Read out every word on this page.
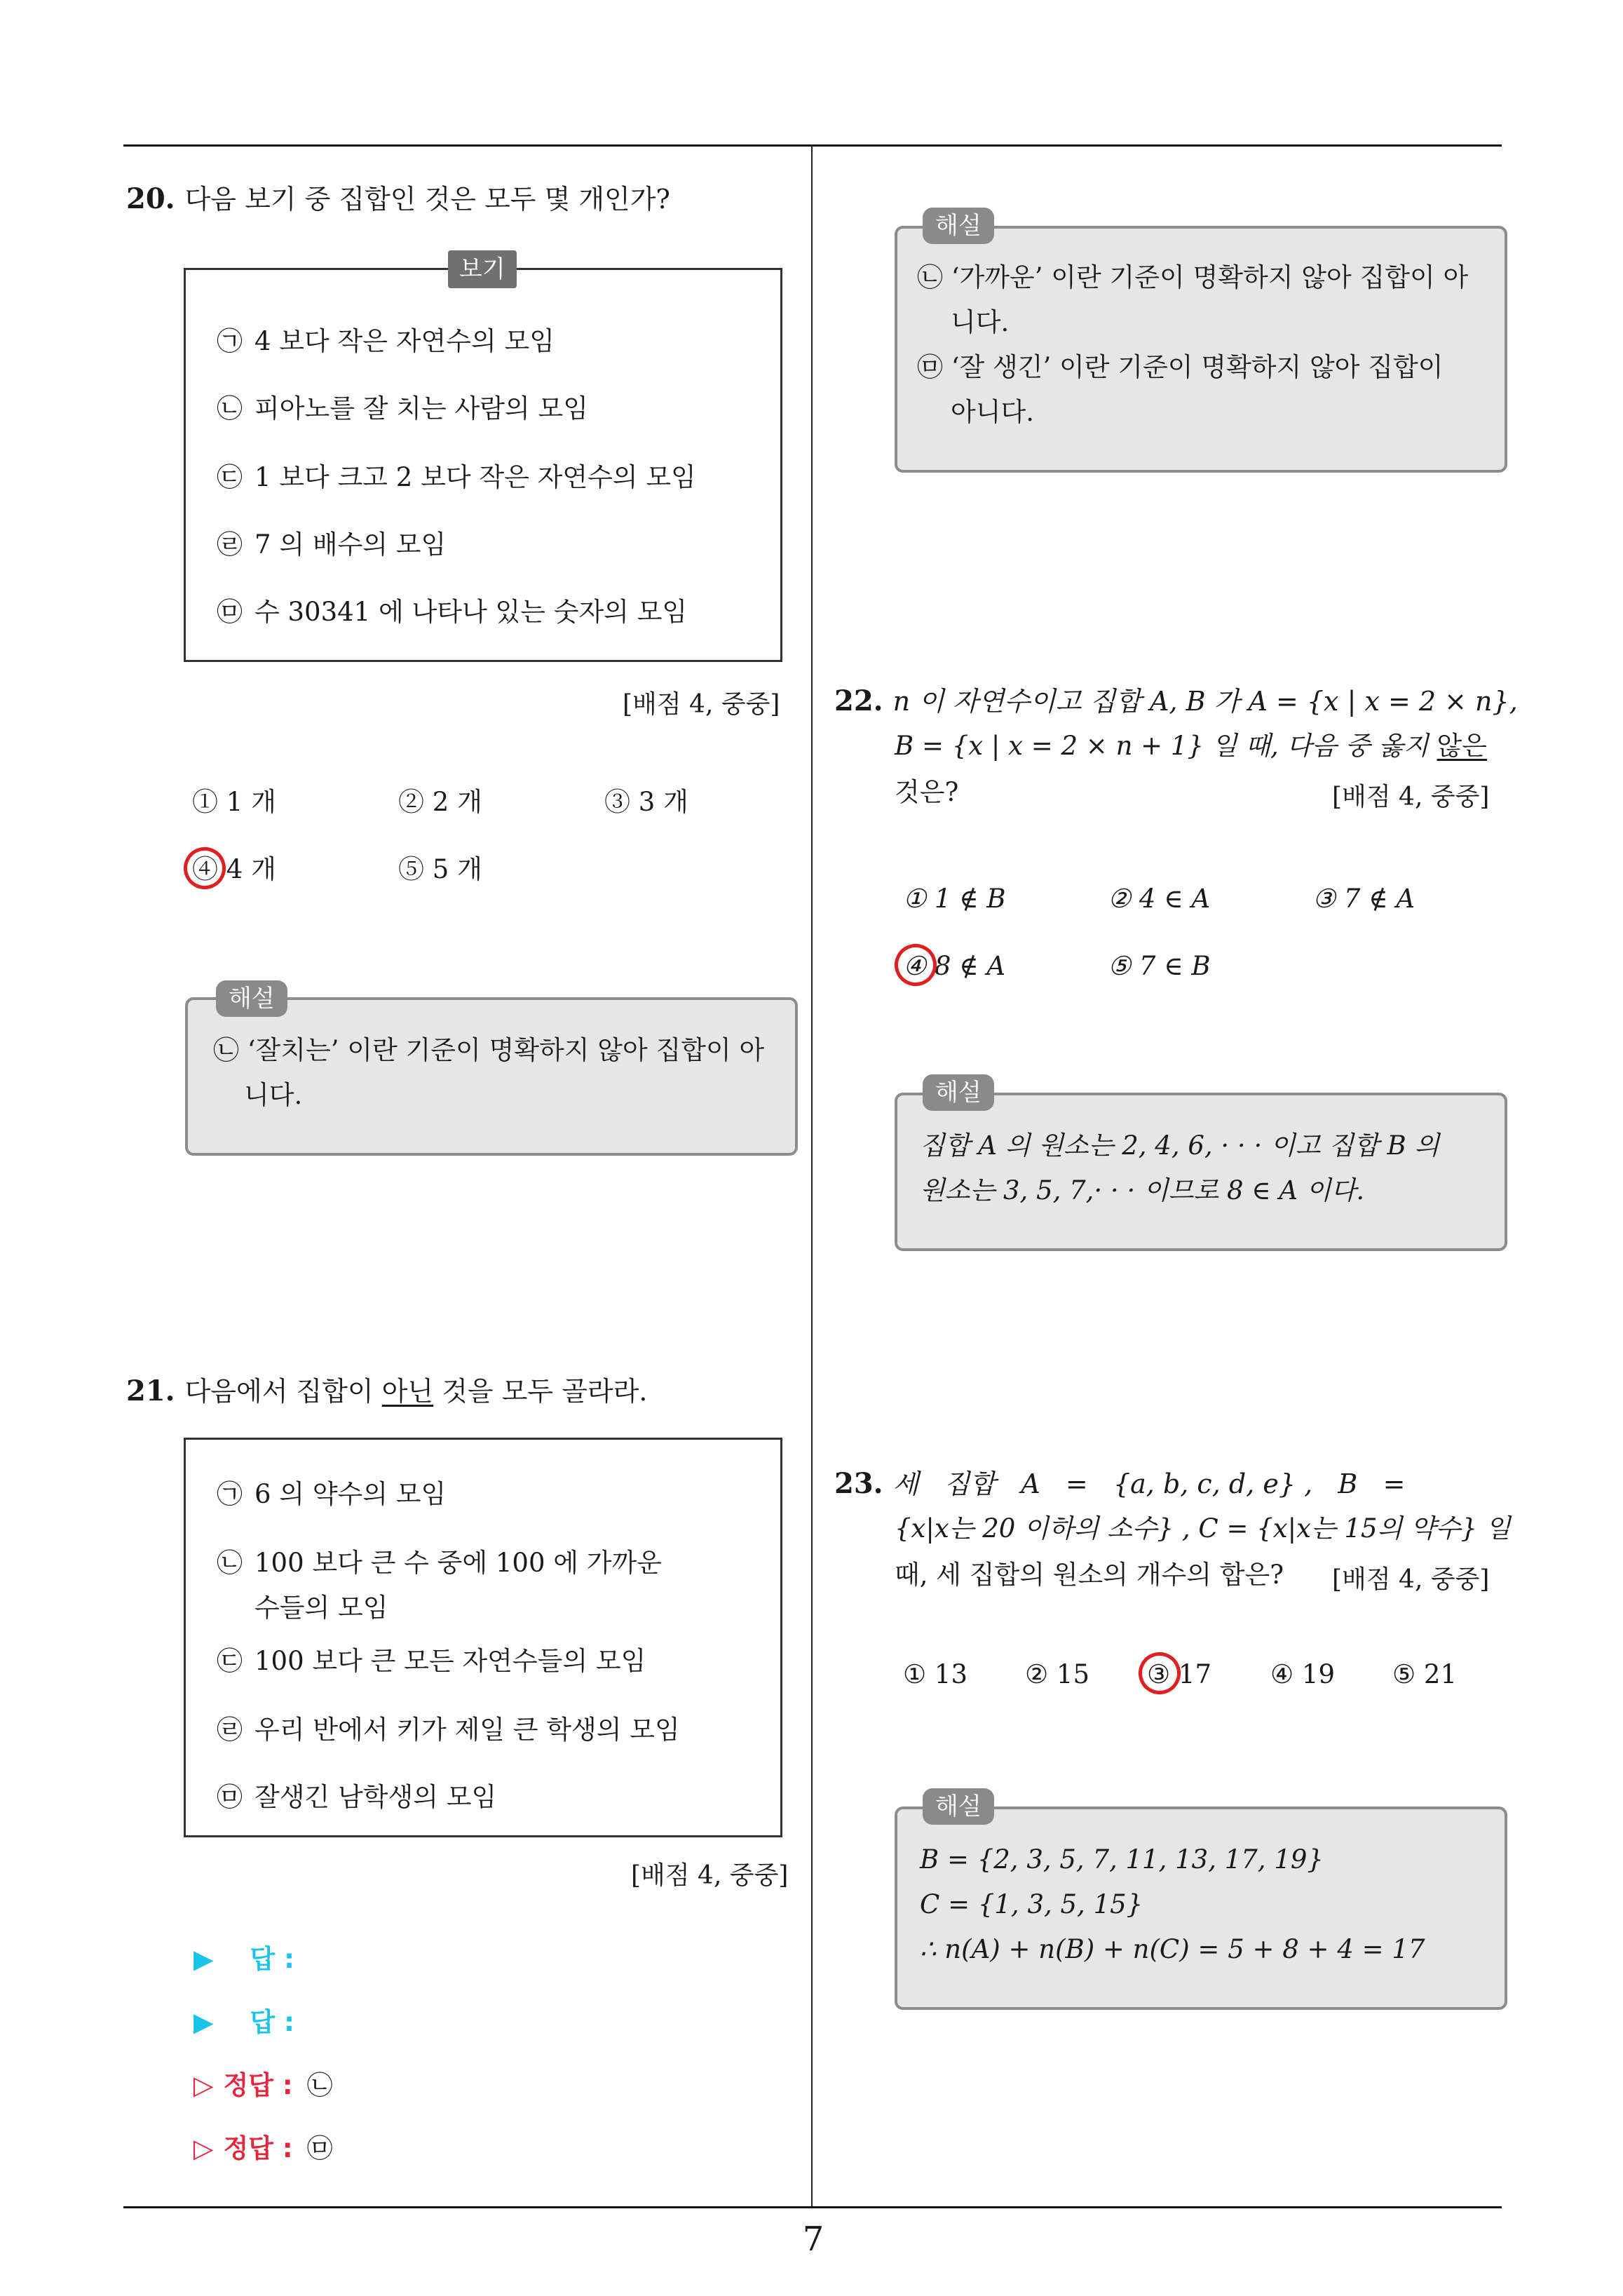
20. 다음 보기 중 집합인 것은 모두 몇 개인가?
보기
㉠ 4 보다 작은 자연수의 모임
㉡ 피아노를 잘 치는 사람의 모임
㉢ 1 보다 크고 2 보다 작은 자연수의 모임
㉣ 7 의 배수의 모임
㉤ 수 30341 에 나타나 있는 숫자의 모임
[배점 4, 중중]
① 1 개	② 2 개	③ 3 개
④ 4 개	⑤ 5 개
해설
㉡ ‘잘치는’ 이란 기준이 명확하지 않아 집합이 아
니다.
21. 다음에서 집합이 아닌 것을 모두 골라라.
㉠ 6 의 약수의 모임
㉡ 100 보다 큰 수 중에 100 에 가까운
수들의 모임
㉢ 100 보다 큰 모든 자연수들의 모임
㉣ 우리 반에서 키가 제일 큰 학생의 모임
㉤ 잘생긴 남학생의 모임
[배점 4, 중중]
▶ 답 :
▶ 답 :
▷ 정답 : ㉡
▷ 정답 : ㉤
해설
㉡ ‘가까운’ 이란 기준이 명확하지 않아 집합이 아
니다.
㉤ ‘잘 생긴’ 이란 기준이 명확하지 않아 집합이
아니다.
22. n 이 자연수이고 집합 A, B 가 A = {x | x = 2 × n},
B = {x | x = 2 × n + 1} 일 때, 다음 중 옳지 않은
것은?	[배점 4, 중중]
① 1 ∉ B	② 4 ∈ A	③ 7 ∉ A
④ 8 ∉ A	⑤ 7 ∈ B
해설
집합 A 의 원소는 2, 4, 6, · · · 이고 집합 B 의
원소는 3, 5, 7,· · · 이므로 8 ∈ A 이다.
23. 세   집합   A   =   {a, b, c, d, e} ,   B   =
{x|x는 20 이하의 소수} , C = {x|x는 15의 약수} 일
때, 세 집합의 원소의 개수의 합은? [배점 4, 중중]
① 13 ② 15 ③ 17 ④ 19 ⑤ 21
해설
B = {2, 3, 5, 7, 11, 13, 17, 19}
C = {1, 3, 5, 15}
∴ n(A) + n(B) + n(C) = 5 + 8 + 4 = 17
7
